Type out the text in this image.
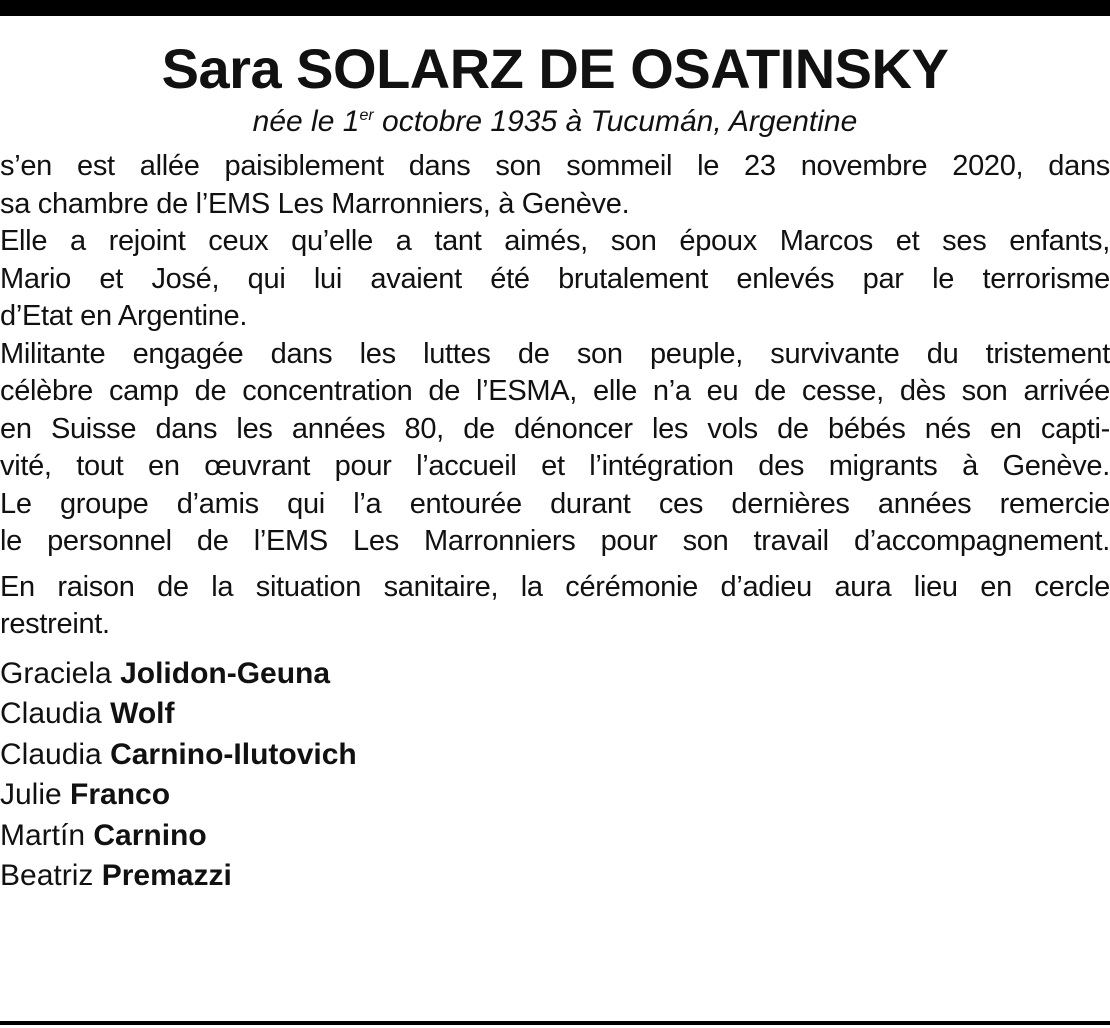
Sara SOLARZ DE OSATINSKY

née le 1er octobre 1935 à Tucumán, Argentine

s’en est allée paisiblement dans son sommeil le 23 novembre 2020, dans
sa chambre de l’EMS Les Marronniers, à Genève.
Elle a rejoint ceux qu’elle a tant aimés, son époux Marcos et ses enfants,
Mario et José, qui lui avaient été brutalement enlevés par le terrorisme
d’Etat en Argentine.
Militante engagée dans les luttes de son peuple, survivante du tristement
célèbre camp de concentration de l’ESMA, elle n’a eu de cesse, dès son arrivée
en Suisse dans les années 80, de dénoncer les vols de bébés nés en capti-
vité, tout en œuvrant pour l’accueil et l’intégration des migrants à Genève.
Le groupe d’amis qui l’a entourée durant ces dernières années remercie
le personnel de l’EMS Les Marronniers pour son travail d’accompagnement.

En raison de la situation sanitaire, la cérémonie d’adieu aura lieu en cercle
restreint.

Graciela Jolidon-Geuna
Claudia Wolf
Claudia Carnino-Ilutovich
Julie Franco
Martín Carnino
Beatriz Premazzi
